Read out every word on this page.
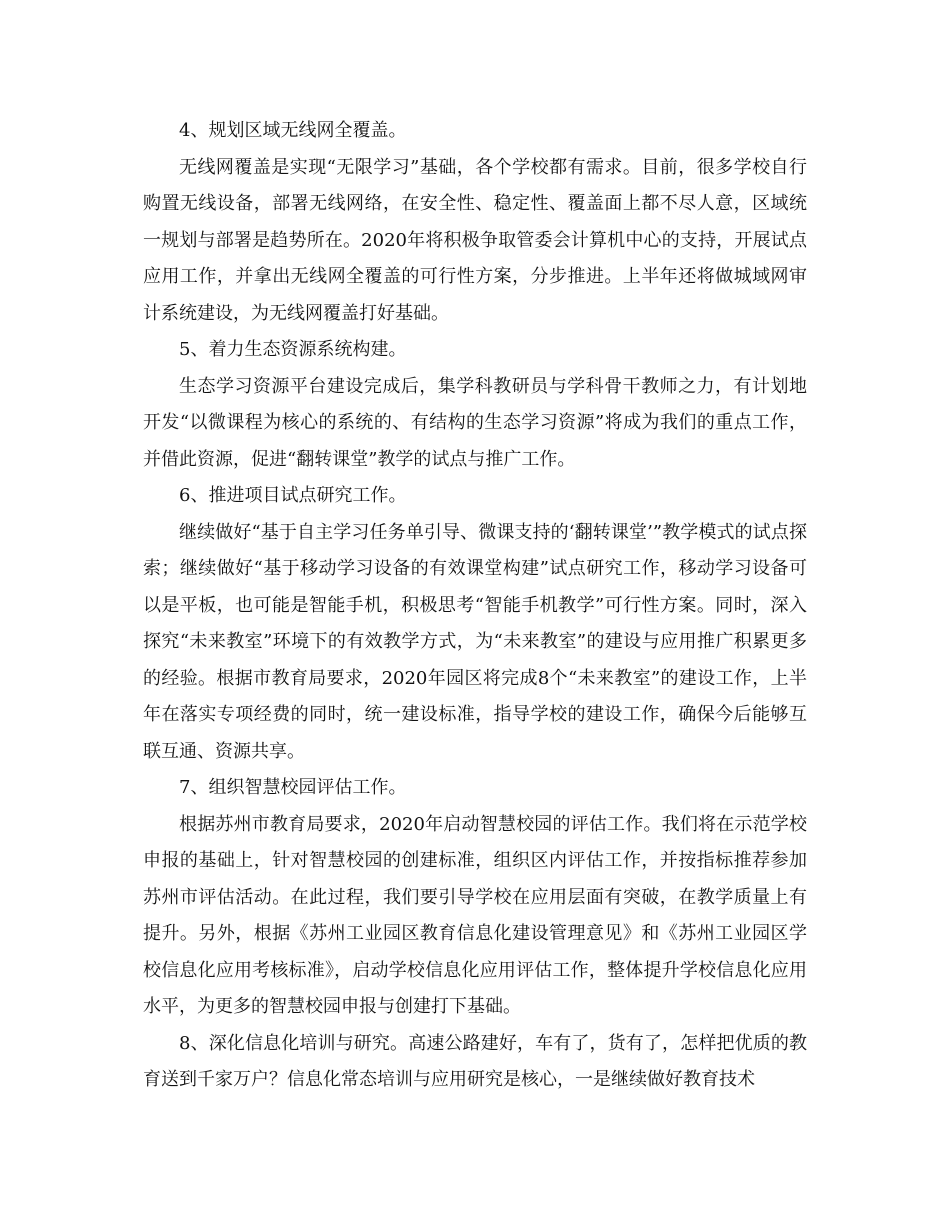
4、规划区域无线网全覆盖。

无线网覆盖是实现“无限学习”基础，各个学校都有需求。目前，很多学校自行购置无线设备，部署无线网络，在安全性、稳定性、覆盖面上都不尽人意，区域统一规划与部署是趋势所在。2020年将积极争取管委会计算机中心的支持，开展试点应用工作，并拿出无线网全覆盖的可行性方案，分步推进。上半年还将做城域网审计系统建设，为无线网覆盖打好基础。

5、着力生态资源系统构建。

生态学习资源平台建设完成后，集学科教研员与学科骨干教师之力，有计划地开发“以微课程为核心的系统的、有结构的生态学习资源”将成为我们的重点工作，并借此资源，促进“翻转课堂”教学的试点与推广工作。

6、推进项目试点研究工作。

继续做好“基于自主学习任务单引导、微课支持的‘翻转课堂’”教学模式的试点探索；继续做好“基于移动学习设备的有效课堂构建”试点研究工作，移动学习设备可以是平板，也可能是智能手机，积极思考“智能手机教学”可行性方案。同时，深入探究“未来教室”环境下的有效教学方式，为“未来教室”的建设与应用推广积累更多的经验。根据市教育局要求，2020年园区将完成8个“未来教室”的建设工作，上半年在落实专项经费的同时，统一建设标准，指导学校的建设工作，确保今后能够互联互通、资源共享。

7、组织智慧校园评估工作。

根据苏州市教育局要求，2020年启动智慧校园的评估工作。我们将在示范学校申报的基础上，针对智慧校园的创建标准，组织区内评估工作，并按指标推荐参加苏州市评估活动。在此过程，我们要引导学校在应用层面有突破，在教学质量上有提升。另外，根据《苏州工业园区教育信息化建设管理意见》和《苏州工业园区学校信息化应用考核标准》，启动学校信息化应用评估工作，整体提升学校信息化应用水平，为更多的智慧校园申报与创建打下基础。

8、深化信息化培训与研究。高速公路建好，车有了，货有了，怎样把优质的教育送到千家万户？信息化常态培训与应用研究是核心，一是继续做好教育技术
